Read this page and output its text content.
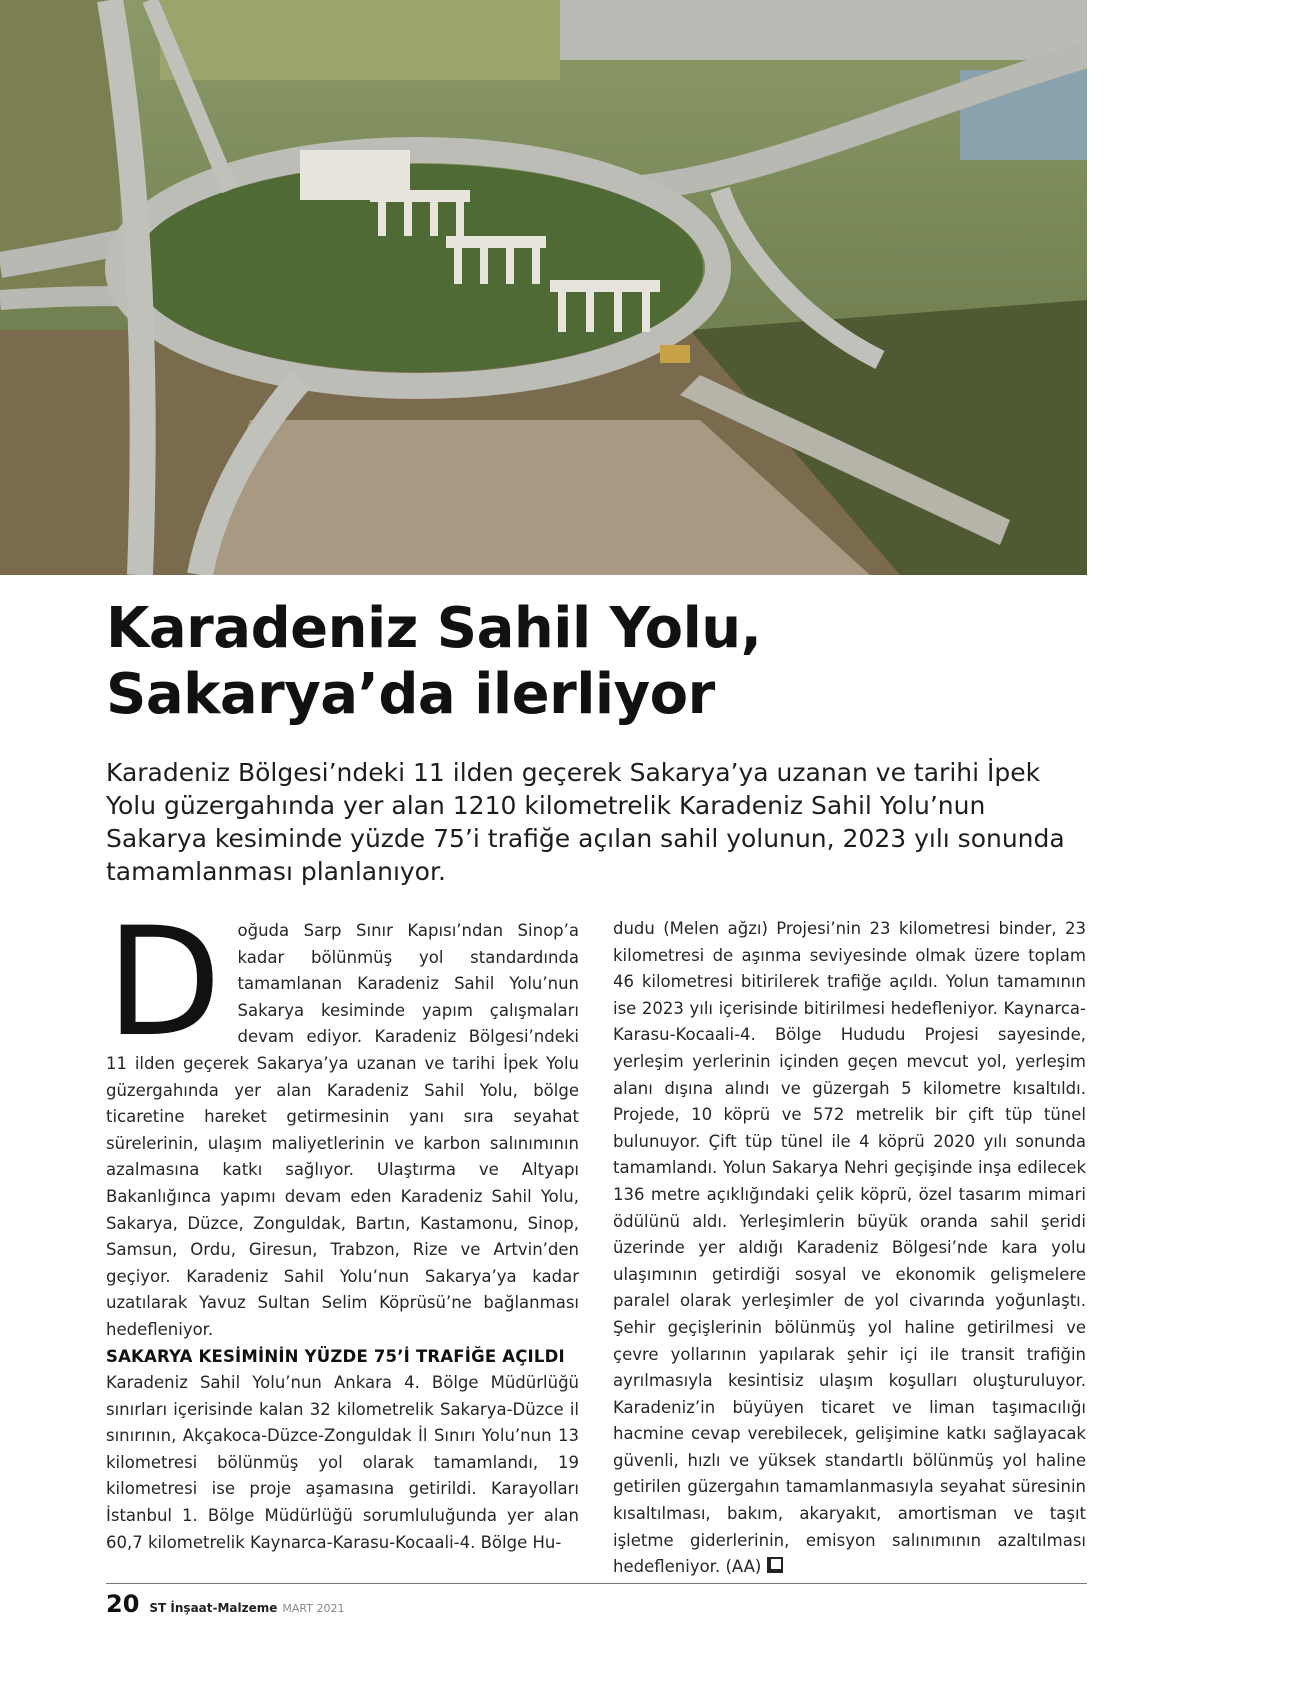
Karadeniz Sahil Yolu,
Sakarya’da ilerliyor

Karadeniz Bölgesi’ndeki 11 ilden geçerek Sakarya’ya uzanan ve tarihi İpek Yolu güzergahında yer alan 1210 kilometrelik Karadeniz Sahil Yolu’nun Sakarya kesiminde yüzde 75’i trafiğe açılan sahil yolunun, 2023 yılı sonunda tamamlanması planlanıyor.

Doğuda Sarp Sınır Kapısı’ndan Sinop’a kadar bölünmüş yol standardında tamamlanan Karadeniz Sahil Yolu’nun Sakarya kesiminde yapım çalışmaları devam ediyor. Karadeniz Bölgesi’ndeki 11 ilden geçerek Sakarya’ya uzanan ve tarihi İpek Yolu güzergahında yer alan Karadeniz Sahil Yolu, bölge ticaretine hareket getirmesinin yanı sıra seyahat sürelerinin, ulaşım maliyetlerinin ve karbon salınımının azalmasına katkı sağlıyor. Ulaştırma ve Altyapı Bakanlığınca yapımı devam eden Karadeniz Sahil Yolu, Sakarya, Düzce, Zonguldak, Bartın, Kastamonu, Sinop, Samsun, Ordu, Giresun, Trabzon, Rize ve Artvin’den geçiyor. Karadeniz Sahil Yolu’nun Sakarya’ya kadar uzatılarak Yavuz Sultan Selim Köprüsü’ne bağlanması hedefleniyor.

SAKARYA KESİMİNİN YÜZDE 75’İ TRAFİĞE AÇILDI

Karadeniz Sahil Yolu’nun Ankara 4. Bölge Müdürlüğü sınırları içerisinde kalan 32 kilometrelik Sakarya-Düzce il sınırının, Akçakoca-Düzce-Zonguldak İl Sınırı Yolu’nun 13 kilometresi bölünmüş yol olarak tamamlandı, 19 kilometresi ise proje aşamasına getirildi. Karayolları İstanbul 1. Bölge Müdürlüğü sorumluluğunda yer alan 60,7 kilometrelik Kaynarca-Karasu-Kocaali-4. Bölge Hu-

dudu (Melen ağzı) Projesi’nin 23 kilometresi binder, 23 kilometresi de aşınma seviyesinde olmak üzere toplam 46 kilometresi bitirilerek trafiğe açıldı. Yolun tamamının ise 2023 yılı içerisinde bitirilmesi hedefleniyor. Kaynarca-Karasu-Kocaali-4. Bölge Hududu Projesi sayesinde, yerleşim yerlerinin içinden geçen mevcut yol, yerleşim alanı dışına alındı ve güzergah 5 kilometre kısaltıldı. Projede, 10 köprü ve 572 metrelik bir çift tüp tünel bulunuyor. Çift tüp tünel ile 4 köprü 2020 yılı sonunda tamamlandı. Yolun Sakarya Nehri geçişinde inşa edilecek 136 metre açıklığındaki çelik köprü, özel tasarım mimari ödülünü aldı. Yerleşimlerin büyük oranda sahil şeridi üzerinde yer aldığı Karadeniz Bölgesi’nde kara yolu ulaşımının getirdiği sosyal ve ekonomik gelişmelere paralel olarak yerleşimler de yol civarında yoğunlaştı. Şehir geçişlerinin bölünmüş yol haline getirilmesi ve çevre yollarının yapılarak şehir içi ile transit trafiğin ayrılmasıyla kesintisiz ulaşım koşulları oluşturuluyor. Karadeniz’in büyüyen ticaret ve liman taşımacılığı hacmine cevap verebilecek, gelişimine katkı sağlayacak güvenli, hızlı ve yüksek standartlı bölünmüş yol haline getirilen güzergahın tamamlanmasıyla seyahat süresinin kısaltılması, bakım, akaryakıt, amortisman ve taşıt işletme giderlerinin, emisyon salınımının azaltılması hedefleniyor. (AA)

20 ST İnşaat-Malzeme MART 2021
